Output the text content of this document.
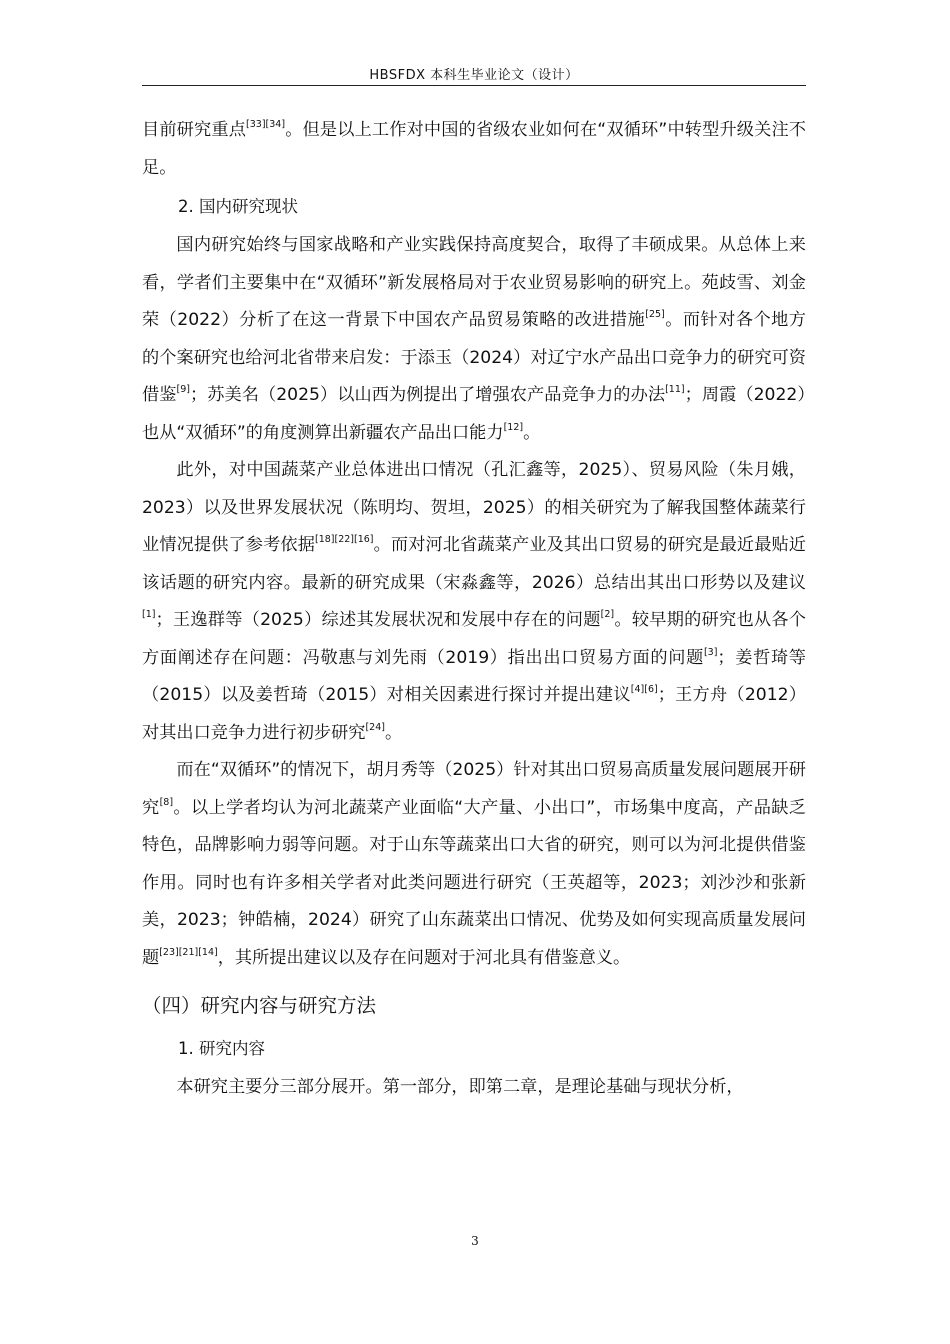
HBSFDX 本科生毕业论文（设计）

目前研究重点[33][34]。但是以上工作对中国的省级农业如何在“双循环”中转型升级关注不足。

2. 国内研究现状

国内研究始终与国家战略和产业实践保持高度契合，取得了丰硕成果。从总体上来看，学者们主要集中在“双循环”新发展格局对于农业贸易影响的研究上。苑歧雪、刘金荣（2022）分析了在这一背景下中国农产品贸易策略的改进措施[25]。而针对各个地方的个案研究也给河北省带来启发：于添玉（2024）对辽宁水产品出口竞争力的研究可资借鉴[9]；苏美名（2025）以山西为例提出了增强农产品竞争力的办法[11]；周霞（2022）也从“双循环”的角度测算出新疆农产品出口能力[12]。

此外，对中国蔬菜产业总体进出口情况（孔汇鑫等，2025）、贸易风险（朱月娥，2023）以及世界发展状况（陈明均、贺坦，2025）的相关研究为了解我国整体蔬菜行业情况提供了参考依据[18][22][16]。而对河北省蔬菜产业及其出口贸易的研究是最近最贴近该话题的研究内容。最新的研究成果（宋淼鑫等，2026）总结出其出口形势以及建议[1]；王逸群等（2025）综述其发展状况和发展中存在的问题[2]。较早期的研究也从各个方面阐述存在问题：冯敬惠与刘先雨（2019）指出出口贸易方面的问题[3]；姜哲琦等（2015）以及姜哲琦（2015）对相关因素进行探讨并提出建议[4][6]；王方舟（2012）对其出口竞争力进行初步研究[24]。

而在“双循环”的情况下，胡月秀等（2025）针对其出口贸易高质量发展问题展开研究[8]。以上学者均认为河北蔬菜产业面临“大产量、小出口”，市场集中度高，产品缺乏特色，品牌影响力弱等问题。对于山东等蔬菜出口大省的研究，则可以为河北提供借鉴作用。同时也有许多相关学者对此类问题进行研究（王英超等，2023；刘沙沙和张新美，2023；钟皓楠，2024）研究了山东蔬菜出口情况、优势及如何实现高质量发展问题[23][21][14]，其所提出建议以及存在问题对于河北具有借鉴意义。

（四）研究内容与研究方法
1. 研究内容

本研究主要分三部分展开。第一部分，即第二章，是理论基础与现状分析，

3
